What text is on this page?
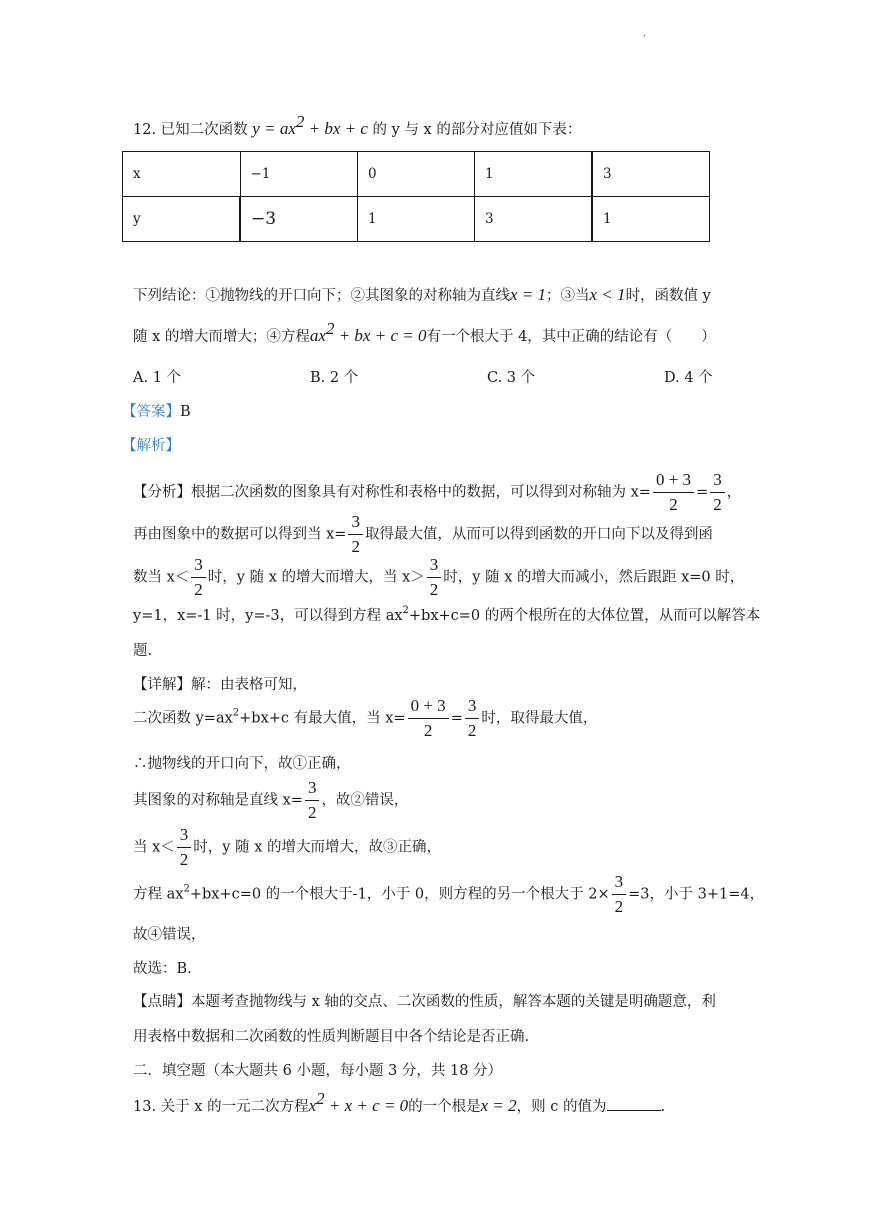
.
12. 已知二次函数 $y = ax^2$ + bx + c 的 y 与 x 的部分对应值如下表：
x	−1	0	1	3
y	−3	1	3	1
下列结论：①抛物线的开口向下；②其图象的对称轴为直线x = 1；③当x < 1时，函数值 y
随 x 的增大而增大；④方程$ax^2$ + bx + c = 0有一个根大于 4，其中正确的结论有（　　）
A. 1 个	B. 2 个	C. 3 个	D. 4 个
【答案】B
【解析】
【分析】根据二次函数的图象具有对称性和表格中的数据，可以得到对称轴为 $x= \frac{0 + 3}{2} = \frac{3}{2}$ ，
再由图象中的数据可以得到当 $x= \frac{3}{2}$ 取得最大值，从而可以得到函数的开口向下以及得到函
数当 $x< \frac{3}{2}$ 时，y 随 x 的增大而增大，当 $x> \frac{3}{2}$ 时，y 随 x 的增大而减小，然后跟距 x=0 时，
y=1，x=-1 时，y=-3，可以得到方程 $ax^2+bx+c=0$ 的两个根所在的大体位置，从而可以解答本
题.
【详解】解：由表格可知，
二次函数 $y=ax^2+bx+c$ 有最大值，当 $x= \frac{0 + 3}{2} = \frac{3}{2}$ 时，取得最大值，
∴抛物线的开口向下，故①正确，
其图象的对称轴是直线 $x= \frac{3}{2}$ ，故②错误，
当 $x< \frac{3}{2}$ 时，y 随 x 的增大而增大，故③正确，
方程 $ax^2+bx+c=0$ 的一个根大于-1，小于 0，则方程的另一个根大于 $2\times \frac{3}{2} =3$，小于 3+1=4，
故④错误，
故选：B.
【点睛】本题考查抛物线与 x 轴的交点、二次函数的性质，解答本题的关键是明确题意，利
用表格中数据和二次函数的性质判断题目中各个结论是否正确.
二．填空题（本大题共 6 小题，每小题 3 分，共 18 分）
13. 关于 x 的一元二次方程$x^2 + x + c = 0$的一个根是x = 2，则 c 的值为	.
